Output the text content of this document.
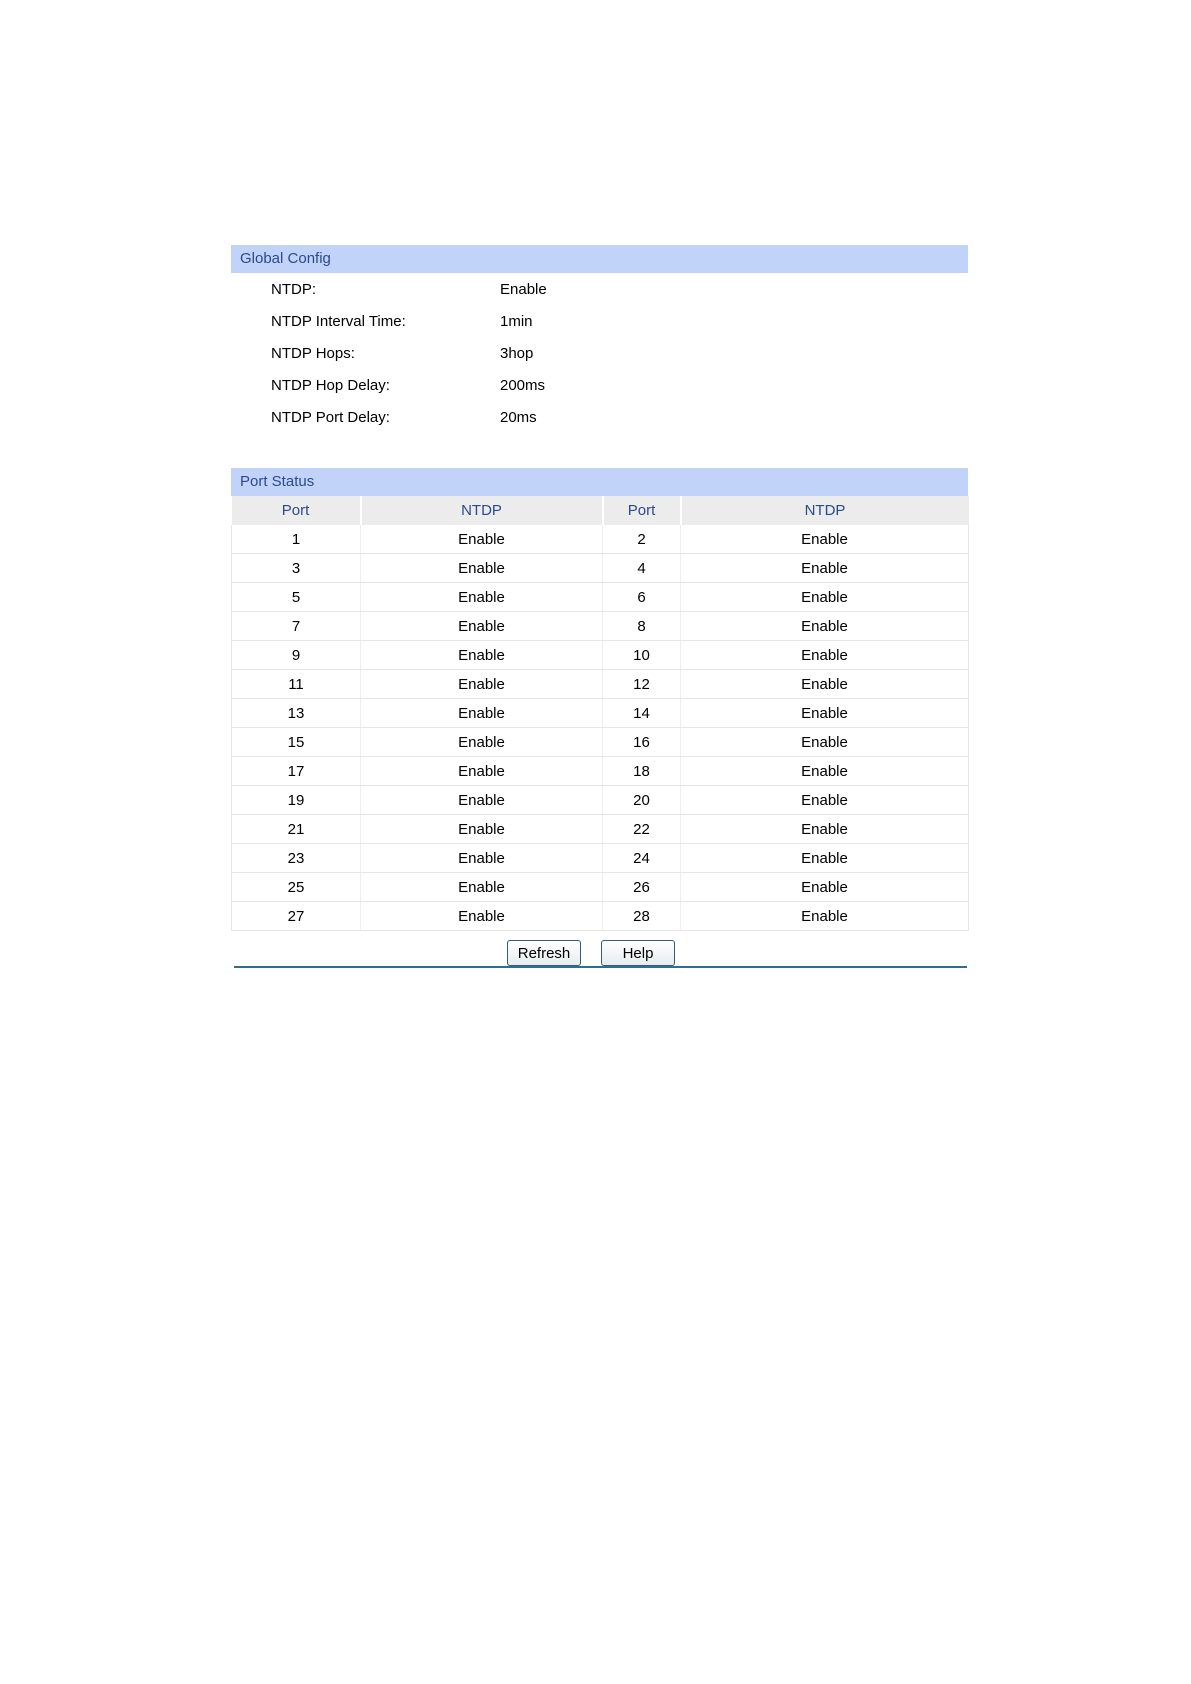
Global Config
NTDP:	Enable
NTDP Interval Time:	1min
NTDP Hops:	3hop
NTDP Hop Delay:	200ms
NTDP Port Delay:	20ms
Port Status
Port	NTDP	Port	NTDP
1	Enable	2	Enable
3	Enable	4	Enable
5	Enable	6	Enable
7	Enable	8	Enable
9	Enable	10	Enable
11	Enable	12	Enable
13	Enable	14	Enable
15	Enable	16	Enable
17	Enable	18	Enable
19	Enable	20	Enable
21	Enable	22	Enable
23	Enable	24	Enable
25	Enable	26	Enable
27	Enable	28	Enable
Refresh	Help
